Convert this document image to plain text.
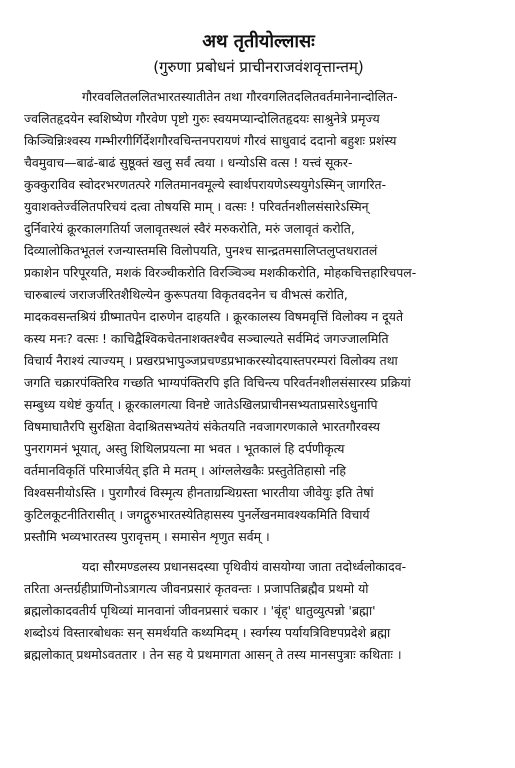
अथ तृतीयोल्लासः
(गुरुणा प्रबोधनं प्राचीनराजवंशवृत्तान्तम्)
गौरववलितललितभारतस्यातीतेन तथा गौरवगलितदलितवर्तमानेनान्दोलित-
ज्वलितहृदयेन स्वशिष्येण गौरवेण पृष्टो गुरुः स्वयमप्यान्दोलितहृदयः साश्रुनेत्रे प्रमृज्य
किञ्चिन्निःश्वस्य गम्भीरगीर्गिर्देशगौरवचिन्तनपरायणं गौरवं साधुवादं ददानो बहुशः प्रशंस्य
चैवमुवाच—बाढं-बाढं सुष्ठूक्तं खलु सर्वं त्वया । धन्योऽसि वत्स ! यत्त्वं सूकर-
कुक्कुराविव स्वोदरभरणतत्परे गलितमानवमूल्ये स्वार्थपरायणेऽस्ययुगेऽस्मिन् जागरित-
युवाशक्तेर्ज्वलितपरिचयं दत्वा तोषयसि माम् । वत्सः ! परिवर्तनशीलसंसारेऽस्मिन्
दुर्निवारेयं क्रूरकालगतिर्या जलावृतस्थलं स्वैरं मरुकरोति, मरुं जलावृतं करोति,
दिव्यालोकितभूतलं रजन्यास्तमसि विलोपयति, पुनश्च सान्द्रतमसालिप्तलुप्तधरातलं
प्रकाशेन परिपूरयति, मशकं विरञ्चीकरोति विरञ्चिञ्च मशकीकरोति, मोहकचित्तहारिचपल-
चारुबाल्यं जराजर्जरितशैथिल्येन कुरूपतया विकृतवदनेन च वीभत्सं करोति,
मादकवसन्तश्रियं ग्रीष्मातपेन दारुणेन दाहयति । क्रूरकालस्य विषमवृत्तिं विलोक्य न दूयते
कस्य मनः? वत्सः ! काचिद्वैश्विकचेतनाशक्तश्चैव सञ्चाल्यते सर्वमिदं जगज्जालमिति
विचार्य नैराश्यं त्याज्यम् । प्रखरप्रभापुञ्जप्रचण्डप्रभाकरस्योदयास्तपरम्परां विलोक्य तथा
जगति चक्रारपंक्तिरिव गच्छति भाग्यपंक्तिरपि इति विचिन्त्य परिवर्तनशीलसंसारस्य प्रक्रियां
सम्बुध्य यथेष्टं कुर्यात् । क्रूरकालगत्या विनष्टे जातेऽखिलप्राचीनसभ्यताप्रसारेऽधुनापि
विषमाघातैरपि सुरक्षिता वेदाश्रितसभ्यतेयं संकेतयति नवजागरणकाले भारतगौरवस्य
पुनरागमनं भूयात्, अस्तु शिथिलप्रयत्ना मा भवत । भूतकालं हि दर्पणीकृत्य
वर्तमानविकृतिं परिमार्जयेत् इति मे मतम् । आंग्ललेखकैः प्रस्तुतेतिहासो नहि
विश्वसनीयोऽस्ति । पुरागौरवं विस्मृत्य हीनताग्रन्थिग्रस्ता भारतीया जीवेयुः इति तेषां
कुटिलकूटनीतिरासीत् । जगद्गुरुभारतस्येतिहासस्य पुनर्लेखनमावश्यकमिति विचार्य
प्रस्तौमि भव्यभारतस्य पुरावृत्तम् । समासेन शृणुत सर्वम् ।
यदा सौरमण्डलस्य प्रधानसदस्या पृथिवीयं वासयोग्या जाता तदोर्ध्वलोकादव-
तरिता अन्तर्ग्रहीप्राणिनोऽत्रागत्य जीवनप्रसारं कृतवन्तः । प्रजापतिब्रह्मैव प्रथमो यो
ब्रह्मलोकादवतीर्य पृथिव्यां मानवानां जीवनप्रसारं चकार । 'बृंह्' धातुव्युत्पन्नो 'ब्रह्मा'
शब्दोऽयं विस्तारबोधकः सन् समर्थयति कथ्यमिदम् । स्वर्गस्य पर्यायत्रिविष्टपप्रदेशे ब्रह्मा
ब्रह्मलोकात् प्रथमोऽवततार । तेन सह ये प्रथमागता आसन् ते तस्य मानसपुत्राः कथिताः ।
